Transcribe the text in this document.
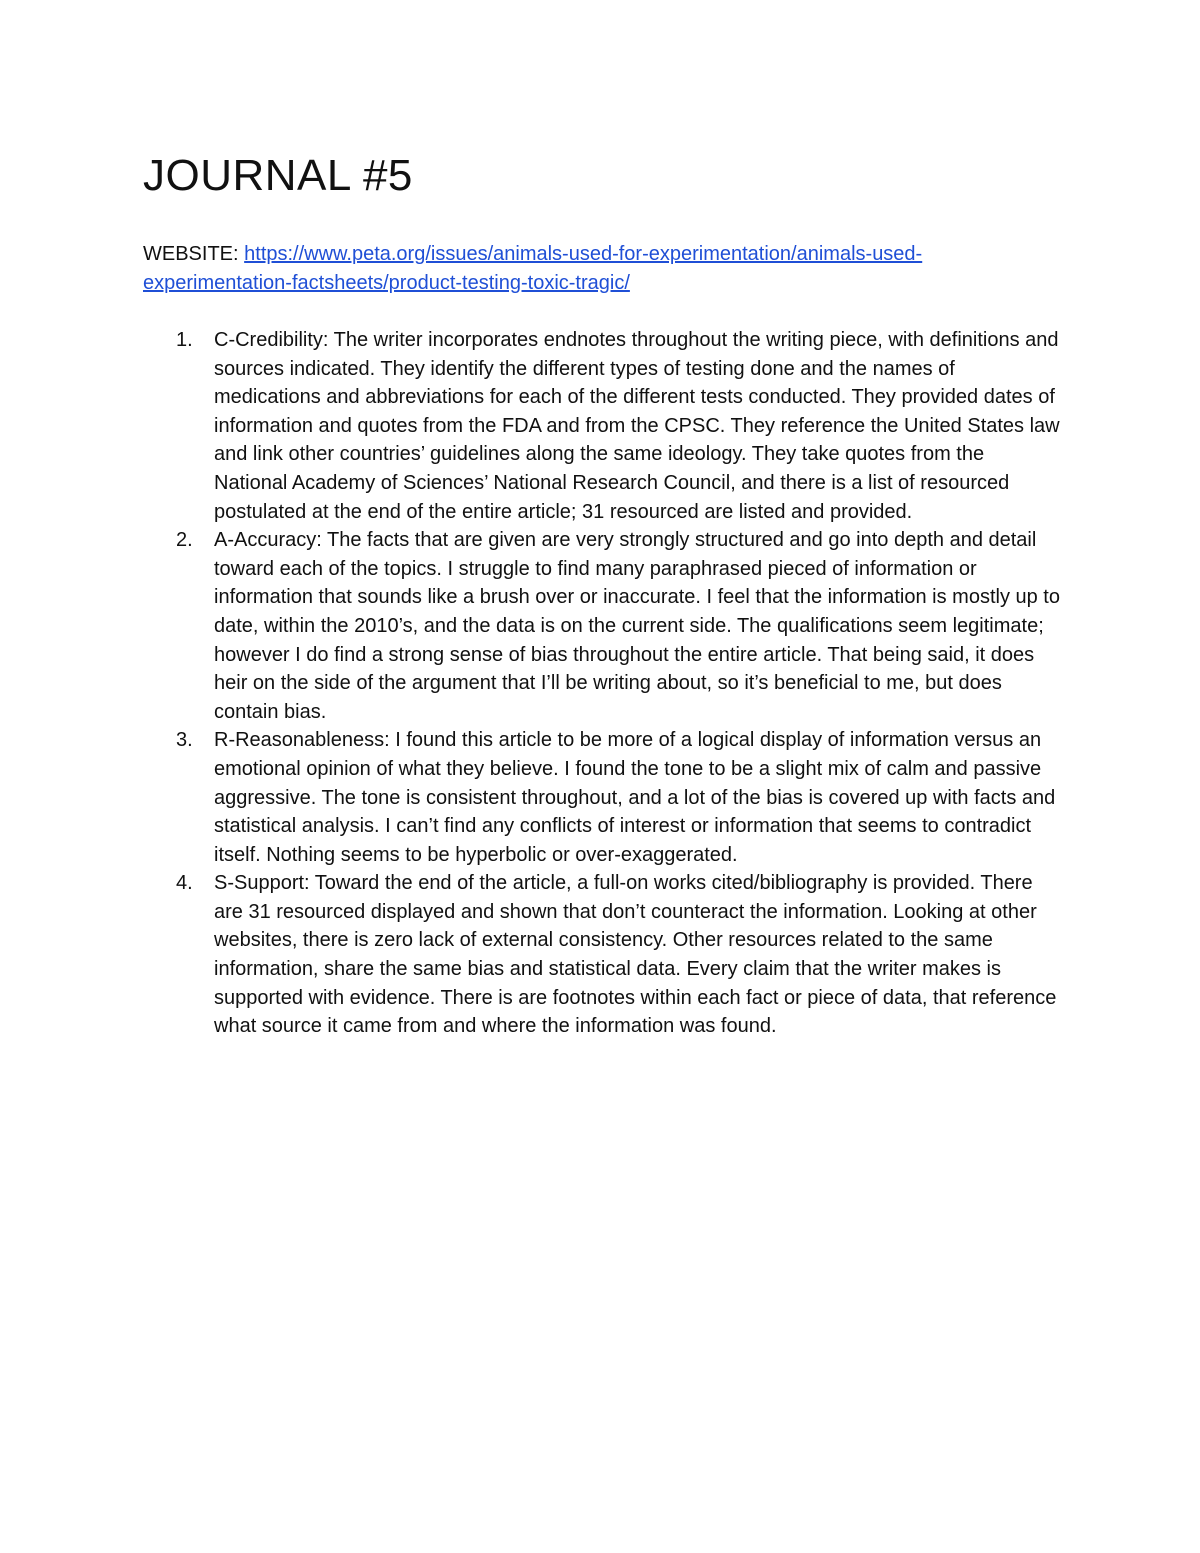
JOURNAL #5
WEBSITE: https://www.peta.org/issues/animals-used-for-experimentation/animals-used-experimentation-factsheets/product-testing-toxic-tragic/
1. C-Credibility: The writer incorporates endnotes throughout the writing piece, with definitions and sources indicated. They identify the different types of testing done and the names of medications and abbreviations for each of the different tests conducted. They provided dates of information and quotes from the FDA and from the CPSC. They reference the United States law and link other countries’ guidelines along the same ideology. They take quotes from the National Academy of Sciences’ National Research Council, and there is a list of resourced postulated at the end of the entire article; 31 resourced are listed and provided.
2. A-Accuracy: The facts that are given are very strongly structured and go into depth and detail toward each of the topics. I struggle to find many paraphrased pieced of information or information that sounds like a brush over or inaccurate. I feel that the information is mostly up to date, within the 2010’s, and the data is on the current side. The qualifications seem legitimate; however I do find a strong sense of bias throughout the entire article. That being said, it does heir on the side of the argument that I’ll be writing about, so it’s beneficial to me, but does contain bias.
3. R-Reasonableness: I found this article to be more of a logical display of information versus an emotional opinion of what they believe. I found the tone to be a slight mix of calm and passive aggressive. The tone is consistent throughout, and a lot of the bias is covered up with facts and statistical analysis. I can’t find any conflicts of interest or information that seems to contradict itself. Nothing seems to be hyperbolic or over-exaggerated.
4. S-Support: Toward the end of the article, a full-on works cited/bibliography is provided. There are 31 resourced displayed and shown that don’t counteract the information. Looking at other websites, there is zero lack of external consistency. Other resources related to the same information, share the same bias and statistical data. Every claim that the writer makes is supported with evidence. There is are footnotes within each fact or piece of data, that reference what source it came from and where the information was found.
